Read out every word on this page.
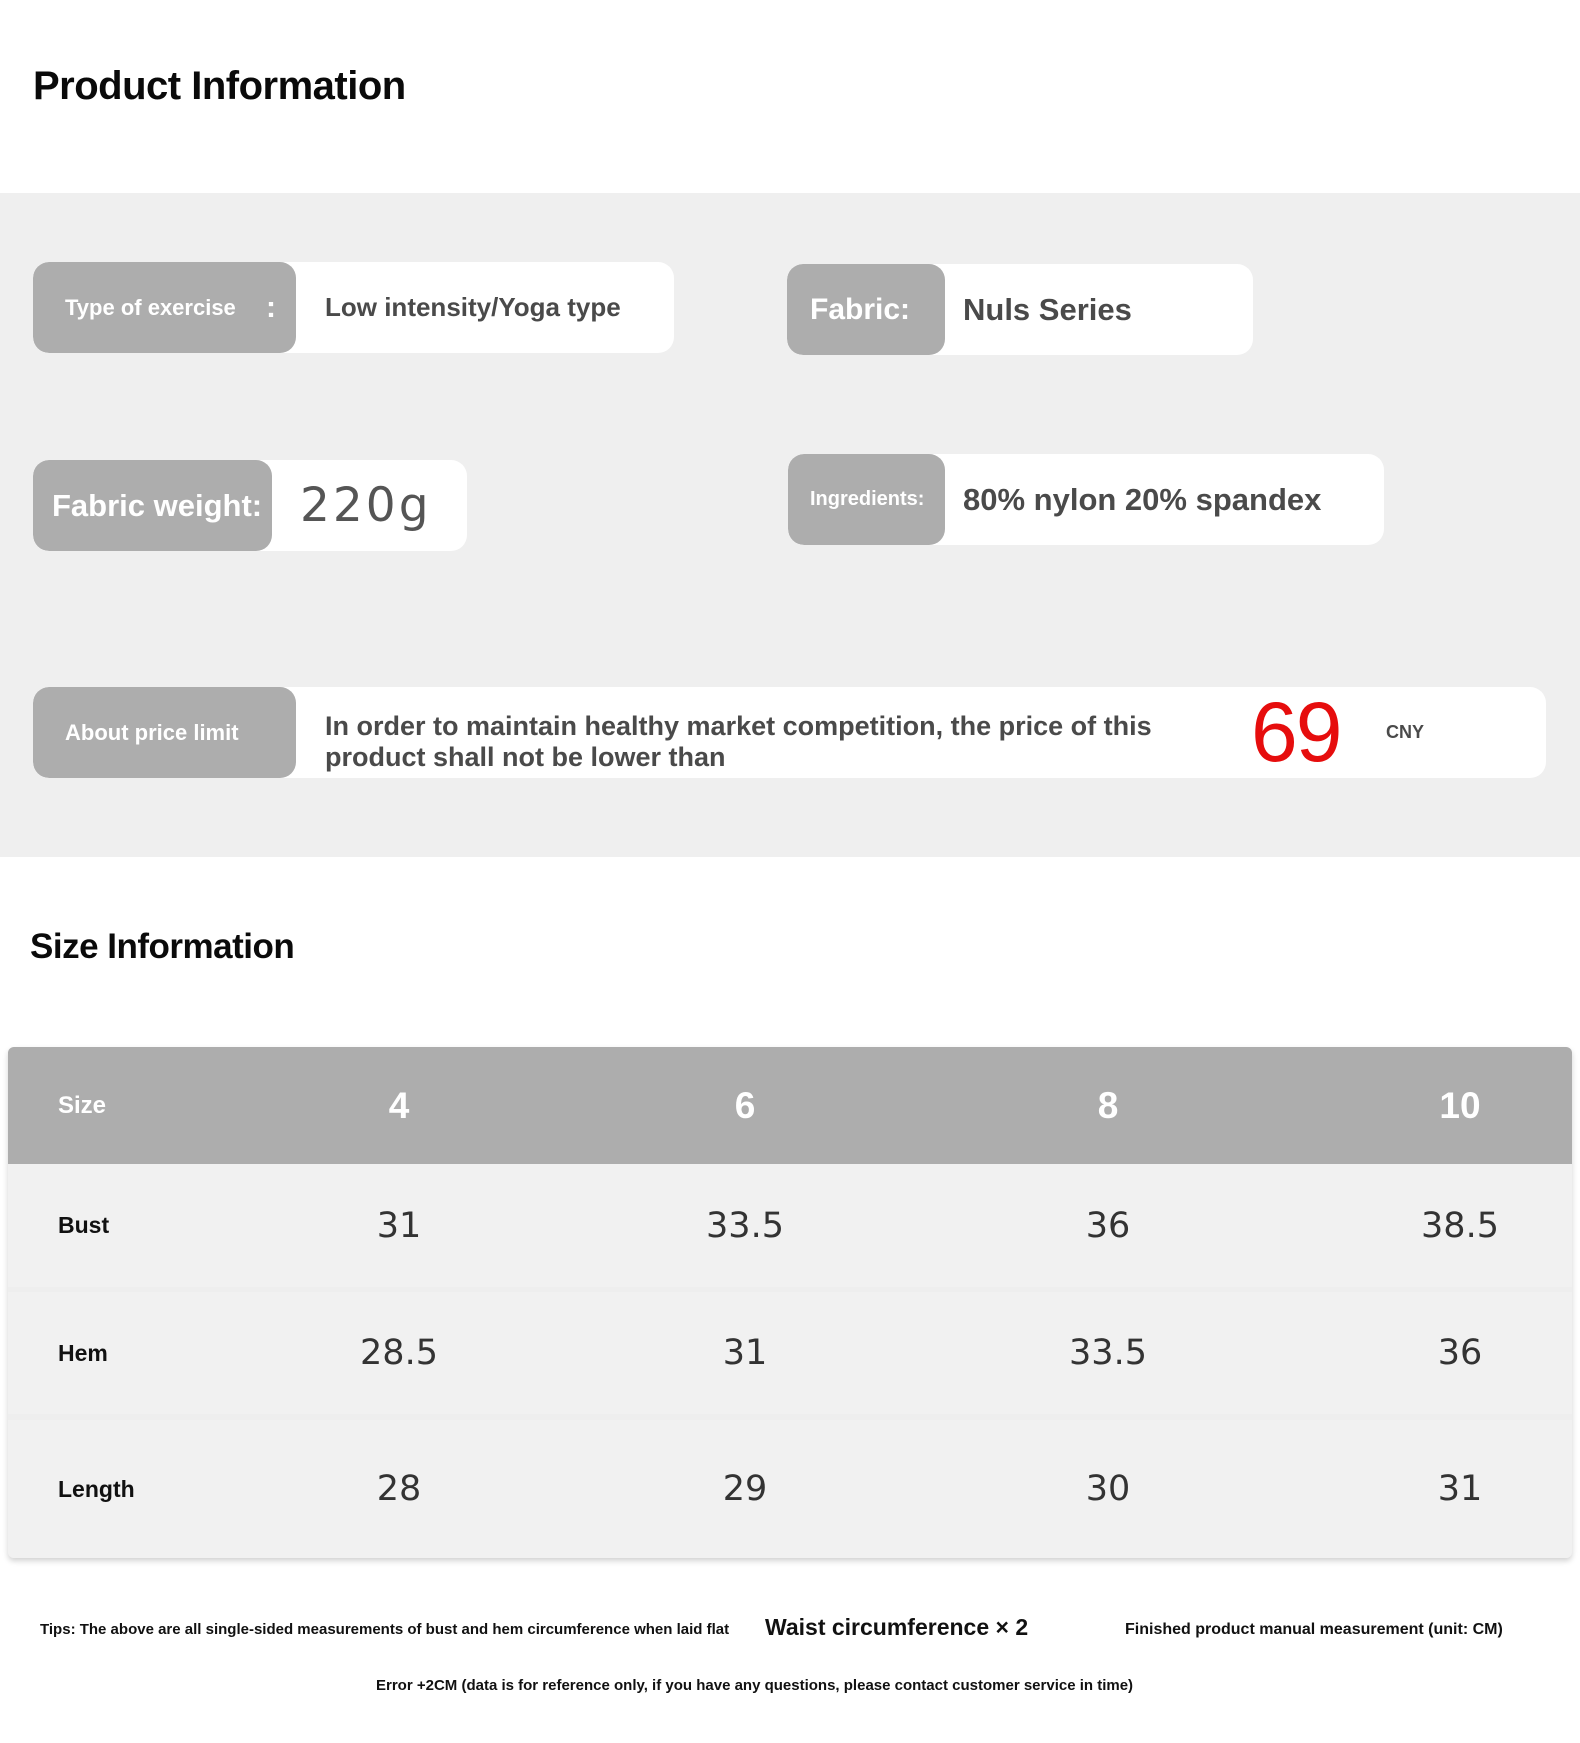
Product Information
Type of exercise :	Low intensity/Yoga type	Fabric:	Nuls Series
Fabric weight: 220g	Ingredients:	80% nylon 20% spandex
About price limit	In order to maintain healthy market competition, the price of this product shall not be lower than	69	CNY
Size Information
Size	4	6	8	10
Bust	31	33.5	36	38.5
Hem	28.5	31	33.5	36
Length	28	29	30	31
Tips: The above are all single-sided measurements of bust and hem circumference when laid flat Waist circumference × 2	Finished product manual measurement (unit: CM)
Error +2CM (data is for reference only, if you have any questions, please contact customer service in time)
